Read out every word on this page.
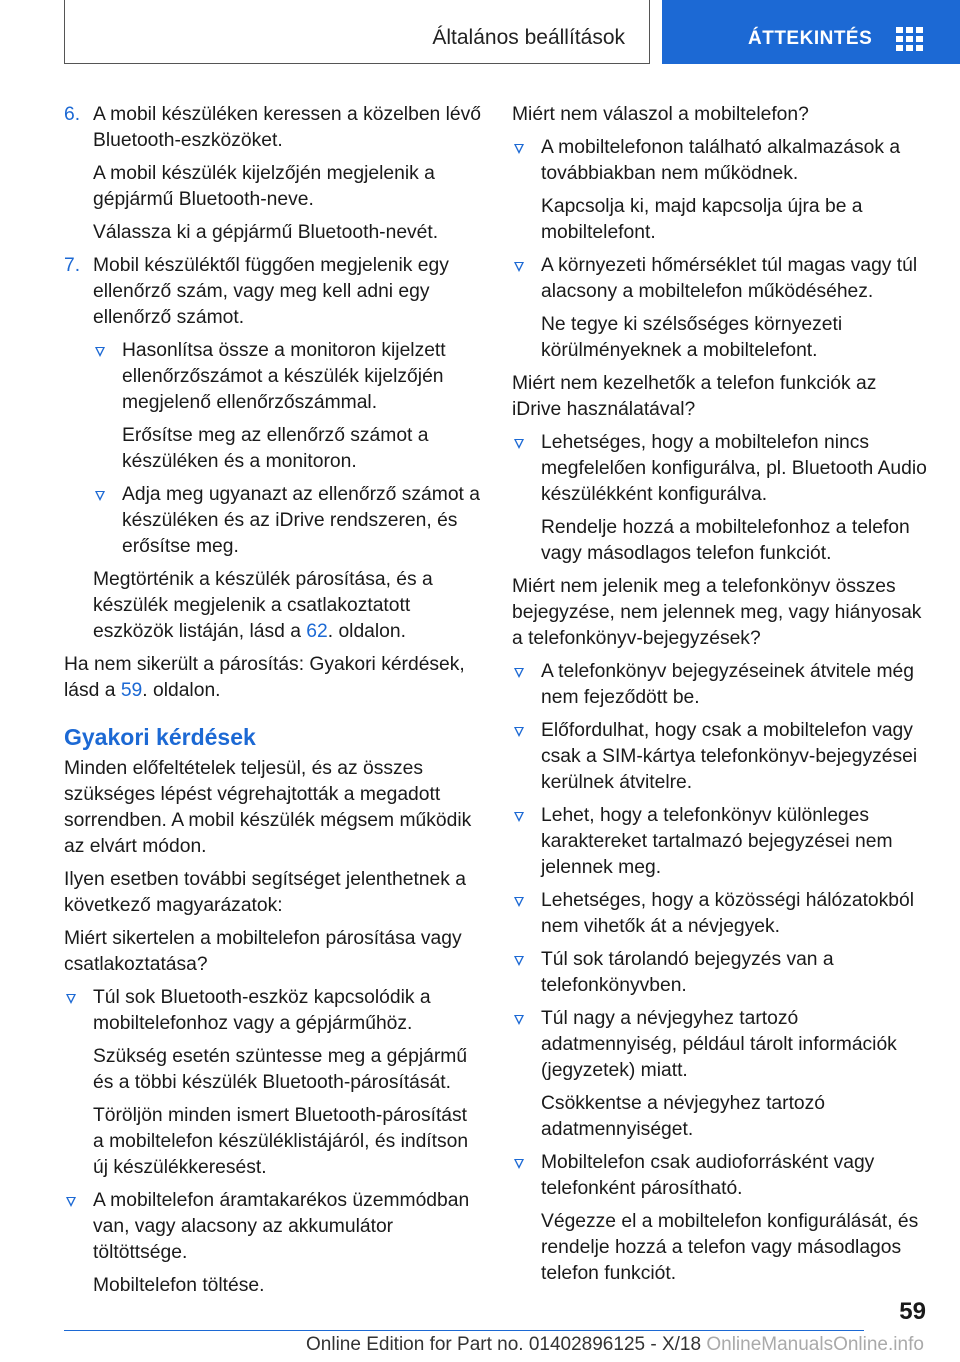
Általános beállítások	ÁTTEKINTÉS
6. A mobil készüléken keressen a közelben lévő Bluetooth-eszközöket.
A mobil készülék kijelzőjén megjelenik a gépjármű Bluetooth-neve.
Válassza ki a gépjármű Bluetooth-nevét.
7. Mobil készüléktől függően megjelenik egy ellenőrző szám, vagy meg kell adni egy ellenőrző számot.
Hasonlítsa össze a monitoron kijelzett ellenőrzőszámot a készülék kijelzőjén megjelenő ellenőrzőszámmal.
Erősítse meg az ellenőrző számot a készüléken és a monitoron.
Adja meg ugyanazt az ellenőrző számot a készüléken és az iDrive rendszeren, és erősítse meg.
Megtörténik a készülék párosítása, és a készülék megjelenik a csatlakoztatott eszközök listáján, lásd a 62. oldalon.
Ha nem sikerült a párosítás: Gyakori kérdések, lásd a 59. oldalon.
Gyakori kérdések
Minden előfeltételek teljesül, és az összes szükséges lépést végrehajtották a megadott sorrendben. A mobil készülék mégsem működik az elvárt módon.
Ilyen esetben további segítséget jelenthetnek a következő magyarázatok:
Miért sikertelen a mobiltelefon párosítása vagy csatlakoztatása?
Túl sok Bluetooth-eszköz kapcsolódik a mobiltelefonhoz vagy a gépjárműhöz.
Szükség esetén szüntesse meg a gépjármű és a többi készülék Bluetooth-párosítását.
Töröljön minden ismert Bluetooth-párosítást a mobiltelefon készüléklistájáról, és indítson új készülékkeresést.
A mobiltelefon áramtakarékos üzemmódban van, vagy alacsony az akkumulátor töltöttsége.
Mobiltelefon töltése.
Miért nem válaszol a mobiltelefon?
A mobiltelefonon található alkalmazások a továbbiakban nem működnek.
Kapcsolja ki, majd kapcsolja újra be a mobiltelefont.
A környezeti hőmérséklet túl magas vagy túl alacsony a mobiltelefon működéséhez.
Ne tegye ki szélsőséges környezeti körülményeknek a mobiltelefont.
Miért nem kezelhetők a telefon funkciók az iDrive használatával?
Lehetséges, hogy a mobiltelefon nincs megfelelően konfigurálva, pl. Bluetooth Audio készülékként konfigurálva.
Rendelje hozzá a mobiltelefonhoz a telefon vagy másodlagos telefon funkciót.
Miért nem jelenik meg a telefonkönyv összes bejegyzése, nem jelennek meg, vagy hiányosak a telefonkönyv-bejegyzések?
A telefonkönyv bejegyzéseinek átvitele még nem fejeződött be.
Előfordulhat, hogy csak a mobiltelefon vagy csak a SIM-kártya telefonkönyv-bejegyzései kerülnek átvitelre.
Lehet, hogy a telefonkönyv különleges karaktereket tartalmazó bejegyzései nem jelennek meg.
Lehetséges, hogy a közösségi hálózatokból nem vihetők át a névjegyek.
Túl sok tárolandó bejegyzés van a telefonkönyvben.
Túl nagy a névjegyhez tartozó adatmennyiség, például tárolt információk (jegyzetek) miatt.
Csökkentse a névjegyhez tartozó adatmennyiséget.
Mobiltelefon csak audioforrásként vagy telefonként párosítható.
Végezze el a mobiltelefon konfigurálását, és rendelje hozzá a telefon vagy másodlagos telefon funkciót.
59
Online Edition for Part no. 01402896125 - X/18 OnlineManualsOnline.info
